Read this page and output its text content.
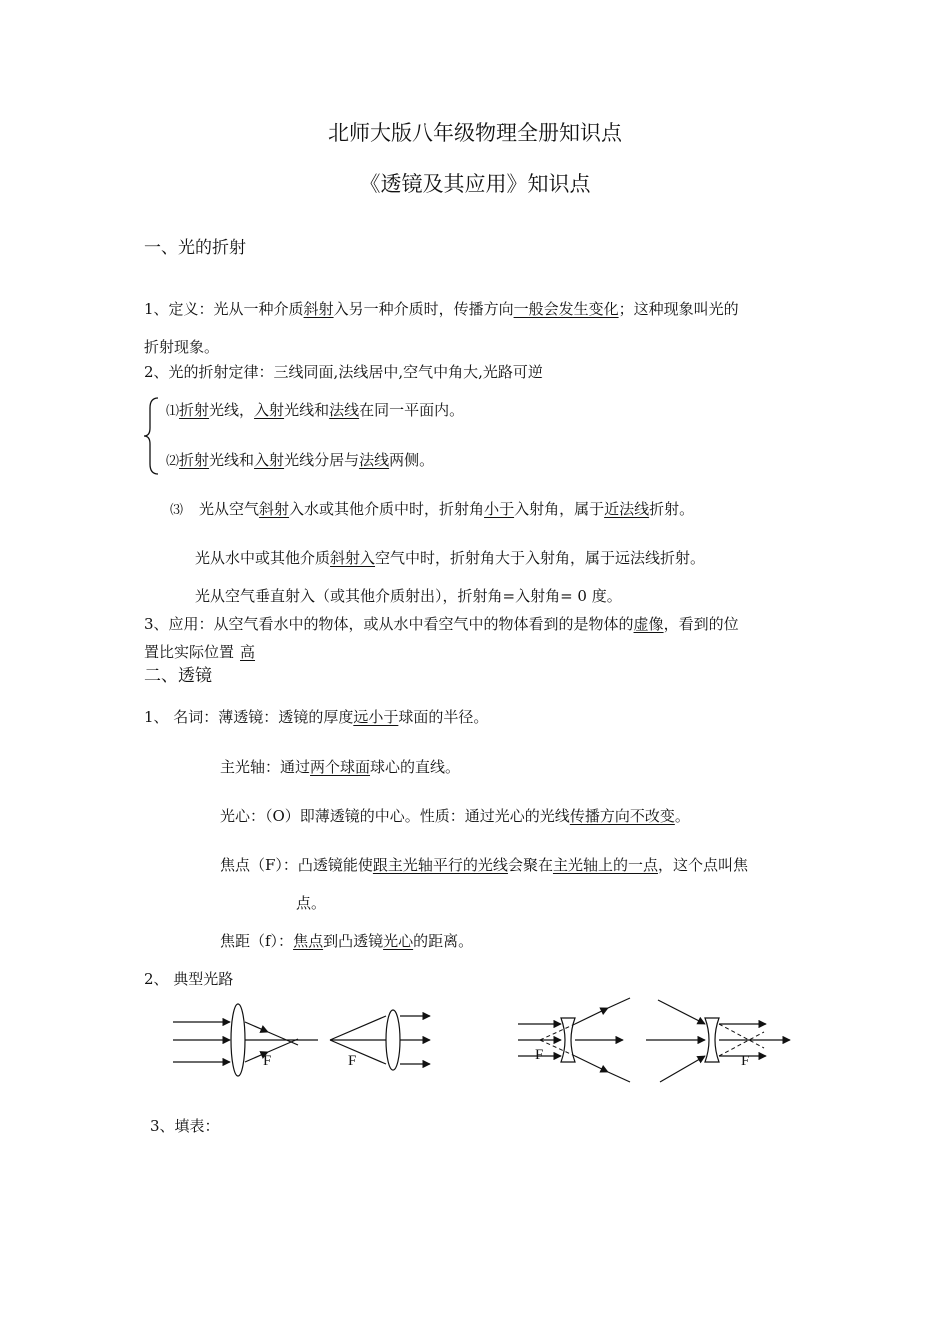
北师大版八年级物理全册知识点
《透镜及其应用》知识点
一、光的折射
1、定义：光从一种介质斜射入另一种介质时，传播方向一般会发生变化；这种现象叫光的
折射现象。
2、光的折射定律：三线同面,法线居中,空气中角大,光路可逆
⑴折射光线，入射光线和法线在同一平面内。
⑵折射光线和入射光线分居与法线两侧。
⑶ 光从空气斜射入水或其他介质中时，折射角小于入射角，属于近法线折射。
光从水中或其他介质斜射入空气中时，折射角大于入射角，属于远法线折射。
光从空气垂直射入（或其他介质射出），折射角=入射角= 0 度。
3、应用：从空气看水中的物体，或从水中看空气中的物体看到的是物体的虚像，看到的位
置比实际位置 高
二、透镜
1、 名词：薄透镜：透镜的厚度远小于球面的半径。
主光轴：通过两个球面球心的直线。
光心：（O）即薄透镜的中心。性质：通过光心的光线传播方向不改变。
焦点（F）：凸透镜能使跟主光轴平行的光线会聚在主光轴上的一点，这个点叫焦
点。
焦距（f）：焦点到凸透镜光心的距离。
2、 典型光路
F	F	F	F
3、填表：
